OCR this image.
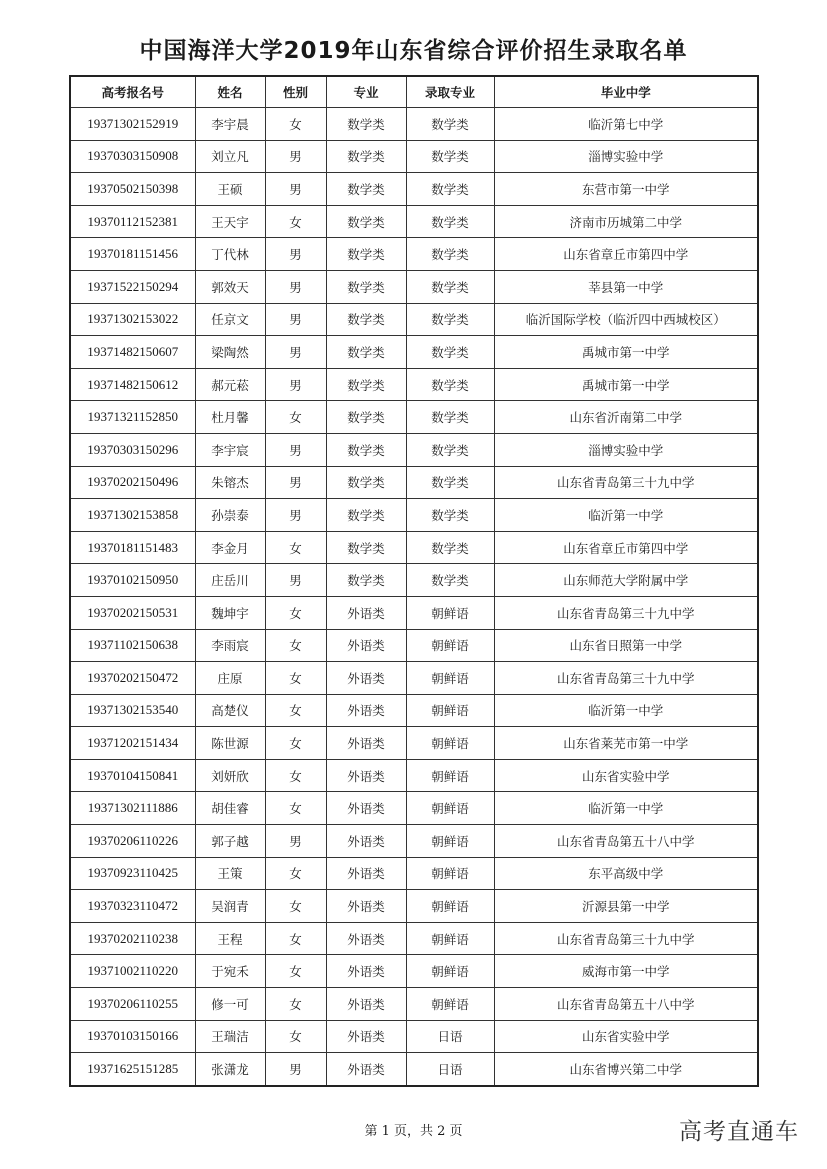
中国海洋大学2019年山东省综合评价招生录取名单
高考报名号	姓名	性别	专业	录取专业	毕业中学
19371302152919	李宇晨	女	数学类	数学类	临沂第七中学
19370303150908	刘立凡	男	数学类	数学类	淄博实验中学
19370502150398	王硕	男	数学类	数学类	东营市第一中学
19370112152381	王天宇	女	数学类	数学类	济南市历城第二中学
19370181151456	丁代林	男	数学类	数学类	山东省章丘市第四中学
19371522150294	郭效天	男	数学类	数学类	莘县第一中学
19371302153022	任京文	男	数学类	数学类	临沂国际学校（临沂四中西城校区）
19371482150607	梁陶然	男	数学类	数学类	禹城市第一中学
19371482150612	郝元菘	男	数学类	数学类	禹城市第一中学
19371321152850	杜月馨	女	数学类	数学类	山东省沂南第二中学
19370303150296	李宇宸	男	数学类	数学类	淄博实验中学
19370202150496	朱镕杰	男	数学类	数学类	山东省青岛第三十九中学
19371302153858	孙崇泰	男	数学类	数学类	临沂第一中学
19370181151483	李金月	女	数学类	数学类	山东省章丘市第四中学
19370102150950	庄岳川	男	数学类	数学类	山东师范大学附属中学
19370202150531	魏坤宇	女	外语类	朝鲜语	山东省青岛第三十九中学
19371102150638	李雨宸	女	外语类	朝鲜语	山东省日照第一中学
19370202150472	庄原	女	外语类	朝鲜语	山东省青岛第三十九中学
19371302153540	高楚仪	女	外语类	朝鲜语	临沂第一中学
19371202151434	陈世源	女	外语类	朝鲜语	山东省莱芜市第一中学
19370104150841	刘妍欣	女	外语类	朝鲜语	山东省实验中学
19371302111886	胡佳睿	女	外语类	朝鲜语	临沂第一中学
19370206110226	郭子越	男	外语类	朝鲜语	山东省青岛第五十八中学
19370923110425	王策	女	外语类	朝鲜语	东平高级中学
19370323110472	吴润青	女	外语类	朝鲜语	沂源县第一中学
19370202110238	王程	女	外语类	朝鲜语	山东省青岛第三十九中学
19371002110220	于宛禾	女	外语类	朝鲜语	威海市第一中学
19370206110255	修一可	女	外语类	朝鲜语	山东省青岛第五十八中学
19370103150166	王瑞洁	女	外语类	日语	山东省实验中学
19371625151285	张潇龙	男	外语类	日语	山东省博兴第二中学
第 1 页，共 2 页	高考直通车
